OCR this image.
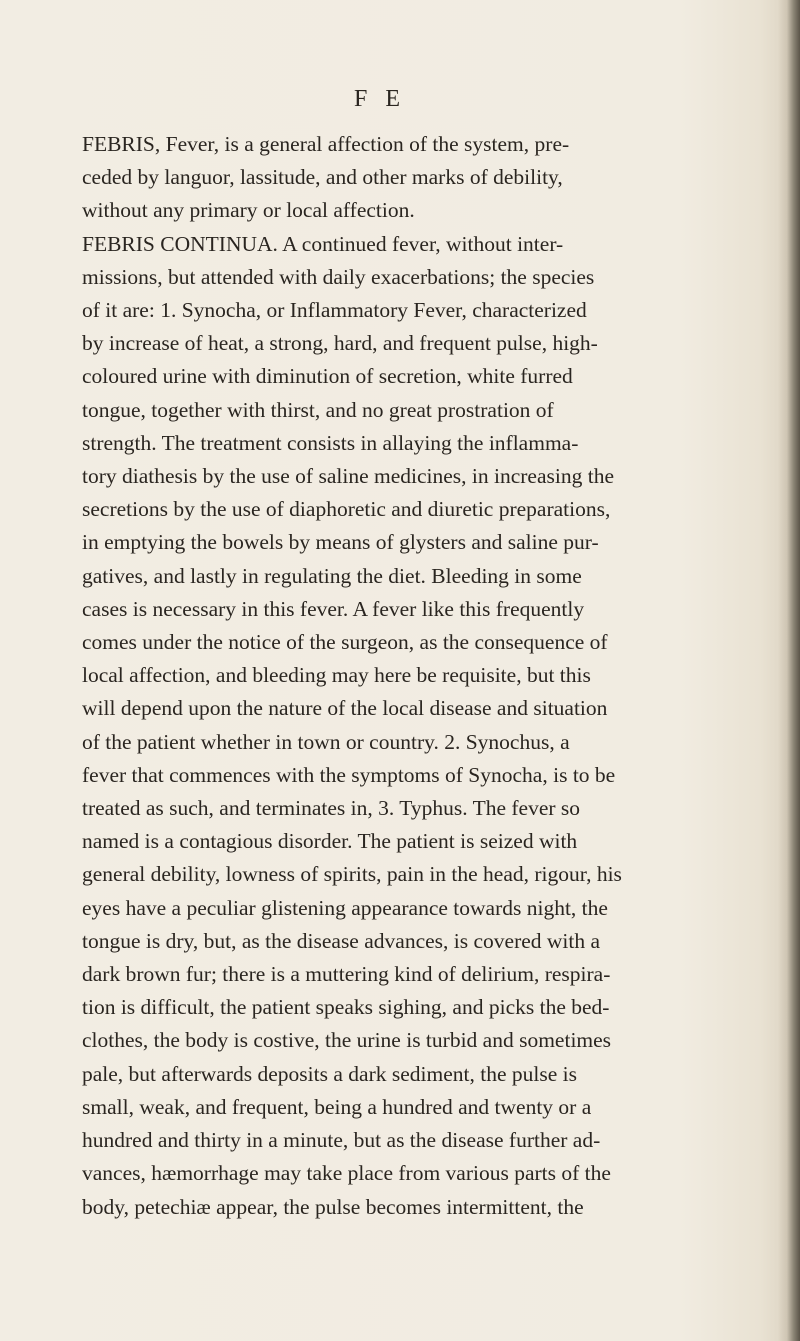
F E

FEBRIS, Fever, is a general affection of the system, pre-
ceded by languor, lassitude, and other marks of debility,
without any primary or local affection.

FEBRIS CONTINUA. A continued fever, without inter-
missions, but attended with daily exacerbations; the species
of it are: 1. Synocha, or Inflammatory Fever, characterized
by increase of heat, a strong, hard, and frequent pulse, high-
coloured urine with diminution of secretion, white furred
tongue, together with thirst, and no great prostration of
strength. The treatment consists in allaying the inflamma-
tory diathesis by the use of saline medicines, in increasing the
secretions by the use of diaphoretic and diuretic preparations,
in emptying the bowels by means of glysters and saline pur-
gatives, and lastly in regulating the diet. Bleeding in some
cases is necessary in this fever. A fever like this frequently
comes under the notice of the surgeon, as the consequence of
local affection, and bleeding may here be requisite, but this
will depend upon the nature of the local disease and situation
of the patient whether in town or country. 2. Synochus, a
fever that commences with the symptoms of Synocha, is to be
treated as such, and terminates in, 3. Typhus. The fever so
named is a contagious disorder. The patient is seized with
general debility, lowness of spirits, pain in the head, rigour, his
eyes have a peculiar glistening appearance towards night, the
tongue is dry, but, as the disease advances, is covered with a
dark brown fur; there is a muttering kind of delirium, respira-
tion is difficult, the patient speaks sighing, and picks the bed-
clothes, the body is costive, the urine is turbid and sometimes
pale, but afterwards deposits a dark sediment, the pulse is
small, weak, and frequent, being a hundred and twenty or a
hundred and thirty in a minute, but as the disease further ad-
vances, hæmorrhage may take place from various parts of the
body, petechiæ appear, the pulse becomes intermittent, the
